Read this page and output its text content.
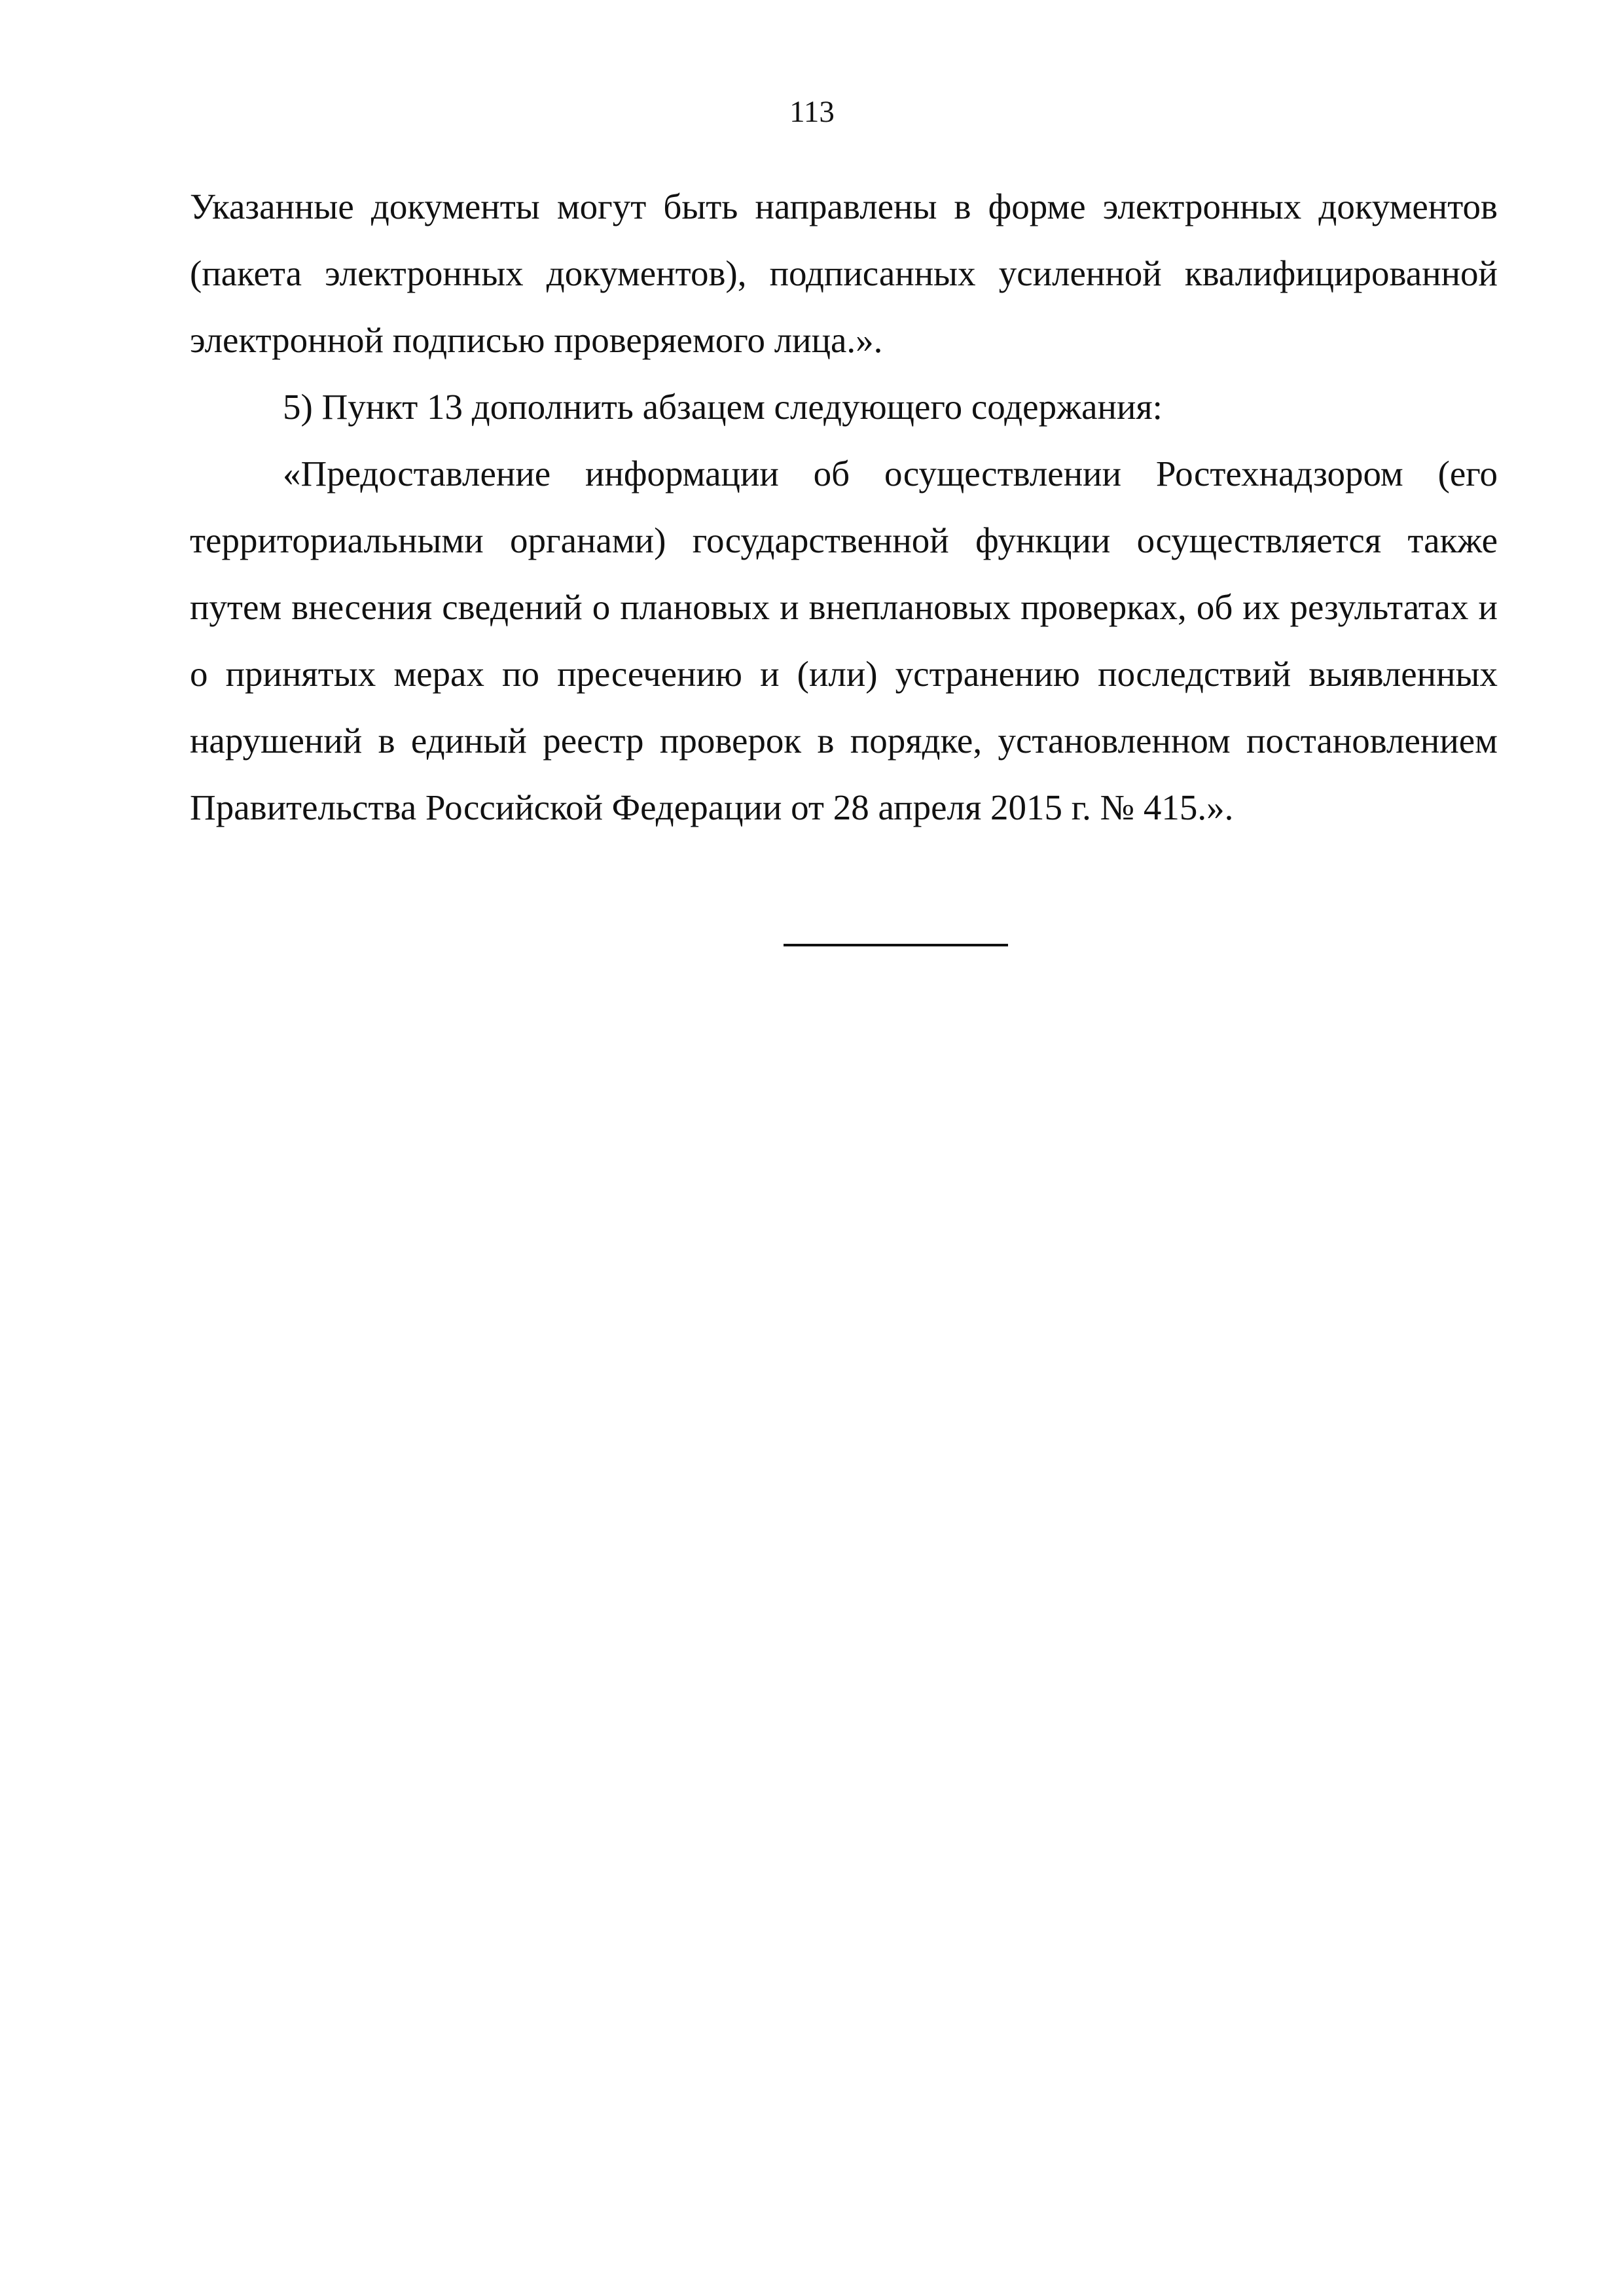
113

Указанные документы могут быть направлены в форме электронных документов (пакета электронных документов), подписанных усиленной квалифицированной электронной подписью проверяемого лица.».

5) Пункт 13 дополнить абзацем следующего содержания:

«Предоставление информации об осуществлении Ростехнадзором (его территориальными органами) государственной функции осуществляется также путем внесения сведений о плановых и внеплановых проверках, об их результатах и о принятых мерах по пресечению и (или) устранению последствий выявленных нарушений в единый реестр проверок в порядке, установленном постановлением Правительства Российской Федерации от 28 апреля 2015 г. № 415.».
